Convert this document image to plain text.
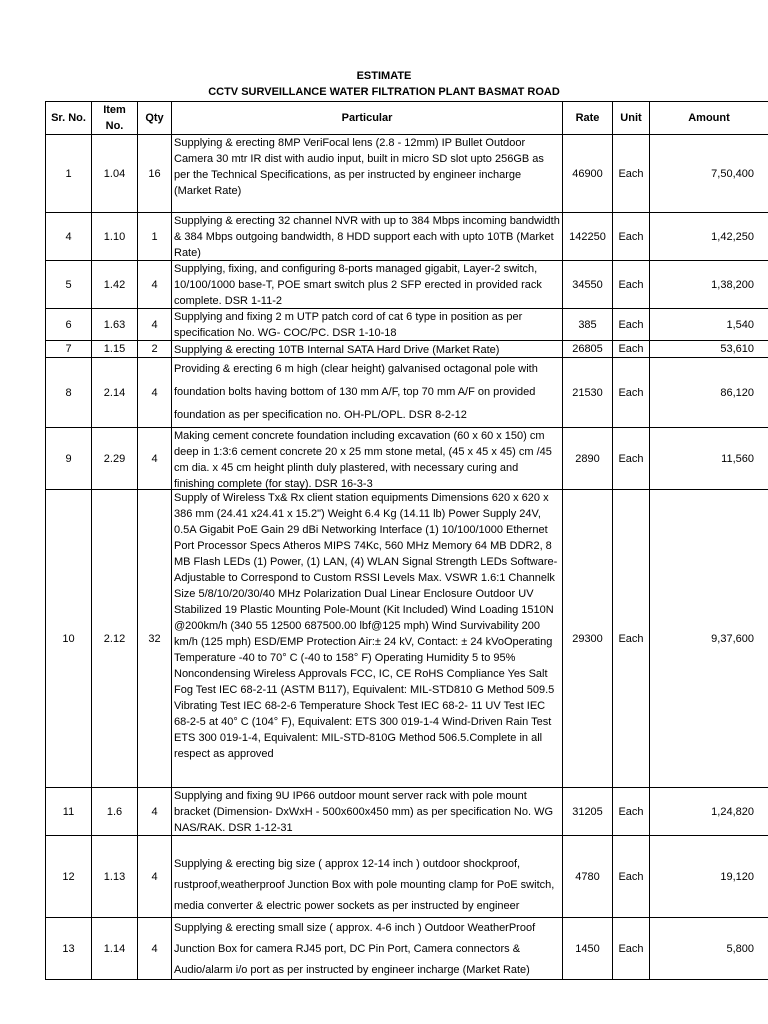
ESTIMATE
CCTV SURVEILLANCE WATER FILTRATION PLANT BASMAT ROAD
Sr. No.	Item No.	Qty	Particular	Rate	Unit	Amount
1	1.04	16	Supplying & erecting 8MP VeriFocal lens (2.8 - 12mm) IP Bullet Outdoor Camera 30 mtr IR dist with audio input, built in micro SD slot upto 256GB as per the Technical Specifications, as per instructed by engineer incharge (Market Rate)	46900	Each	7,50,400
4	1.10	1	Supplying & erecting 32 channel NVR with up to 384 Mbps incoming bandwidth & 384 Mbps outgoing bandwidth, 8 HDD support each with upto 10TB (Market Rate)	142250	Each	1,42,250
5	1.42	4	Supplying, fixing, and configuring 8-ports managed gigabit, Layer-2 switch, 10/100/1000 base-T, POE smart switch plus 2 SFP erected in provided rack complete. DSR 1-11-2	34550	Each	1,38,200
6	1.63	4	Supplying and fixing 2 m UTP patch cord of cat 6 type in position as per specification No. WG- COC/PC. DSR 1-10-18	385	Each	1,540
7	1.15	2	Supplying & erecting 10TB Internal SATA Hard Drive (Market Rate)	26805	Each	53,610
8	2.14	4	Providing & erecting 6 m high (clear height) galvanised octagonal pole with foundation bolts having bottom of 130 mm A/F, top 70 mm A/F on provided foundation as per specification no. OH-PL/OPL. DSR 8-2-12	21530	Each	86,120
9	2.29	4	Making cement concrete foundation including excavation (60 x 60 x 150) cm deep in 1:3:6 cement concrete 20 x 25 mm stone metal, (45 x 45 x 45) cm /45 cm dia. x 45 cm height plinth duly plastered, with necessary curing and finishing complete (for stay). DSR 16-3-3	2890	Each	11,560
10	2.12	32	Supply of Wireless Tx& Rx client station equipments Dimensions 620 x 620 x 386 mm (24.41 x24.41 x 15.2") Weight 6.4 Kg (14.11 lb) Power Supply 24V, 0.5A Gigabit PoE Gain 29 dBi Networking Interface (1) 10/100/1000 Ethernet Port Processor Specs Atheros MIPS 74Kc, 560 MHz Memory 64 MB DDR2, 8 MB Flash LEDs (1) Power, (1) LAN, (4) WLAN Signal Strength LEDs Software-Adjustable to Correspond to Custom RSSI Levels Max. VSWR 1.6:1 Channelk Size 5/8/10/20/30/40 MHz Polarization Dual Linear Enclosure Outdoor UV Stabilized 19 Plastic Mounting Pole-Mount (Kit Included) Wind Loading 1510N @200km/h (340 55 12500 687500.00 lbf@125 mph) Wind Survivability 200 km/h (125 mph) ESD/EMP Protection Air:± 24 kV, Contact: ± 24 kVoOperating Temperature -40 to 70° C (-40 to 158° F) Operating Humidity 5 to 95% Noncondensing Wireless Approvals FCC, IC, CE RoHS Compliance Yes Salt Fog Test IEC 68-2-11 (ASTM B117), Equivalent: MIL-STD810 G Method 509.5 Vibrating Test IEC 68-2-6 Temperature Shock Test IEC 68-2- 11 UV Test IEC 68-2-5 at 40° C (104° F), Equivalent: ETS 300 019-1-4 Wind-Driven Rain Test ETS 300 019-1-4, Equivalent: MIL-STD-810G Method 506.5.Complete in all respect as approved	29300	Each	9,37,600
11	1.6	4	Supplying and fixing 9U IP66 outdoor mount server rack with pole mount bracket (Dimension- DxWxH - 500x600x450 mm) as per specification No. WG NAS/RAK. DSR 1-12-31	31205	Each	1,24,820
12	1.13	4	Supplying & erecting big size ( approx 12-14 inch ) outdoor shockproof, rustproof,weatherproof Junction Box with pole mounting clamp for PoE switch, media converter & electric power sockets as per instructed by engineer	4780	Each	19,120
13	1.14	4	Supplying & erecting small size ( approx. 4-6 inch ) Outdoor WeatherProof Junction Box for camera RJ45 port, DC Pin Port, Camera connectors & Audio/alarm i/o port as per instructed by engineer incharge (Market Rate)	1450	Each	5,800
